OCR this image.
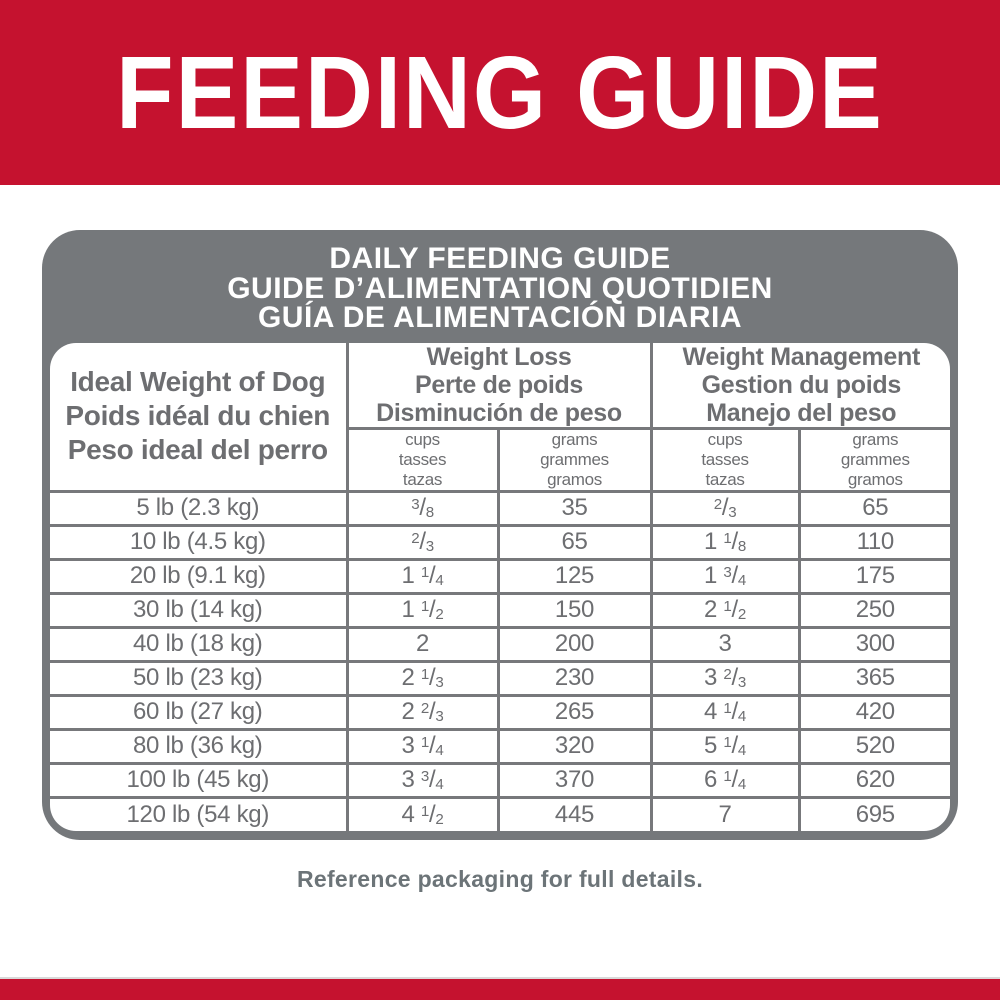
FEEDING GUIDE
DAILY FEEDING GUIDE
GUIDE D’ALIMENTATION QUOTIDIEN
GUÍA DE ALIMENTACIÓN DIARIA
Ideal Weight of Dog
Poids idéal du chien
Peso ideal del perro

Weight Loss
Perte de poids
Disminución de peso

Weight Management
Gestion du poids
Manejo del peso

cups
tasses
tazas

grams
grammes
gramos

cups
tasses
tazas

grams
grammes
gramos

5 lb (2.3 kg)	$^3$/8	35	$^2$/3	65
10 lb (4.5 kg)	$^2$/3	65	1 $^1$/8	110
20 lb (9.1 kg)	1 $^1$/4	125	1 $^3$/4	175
30 lb (14 kg)	1 $^1$/2	150	2 $^1$/2	250
40 lb (18 kg)	2	200	3	300
50 lb (23 kg)	2 $^1$/3	230	3 $^2$/3	365
60 lb (27 kg)	2 $^2$/3	265	4 $^1$/4	420
80 lb (36 kg)	3 $^1$/4	320	5 $^1$/4	520
100 lb (45 kg)	3 $^3$/4	370	6 $^1$/4	620
120 lb (54 kg)	4 $^1$/2	445	7	695
Reference packaging for full details.
